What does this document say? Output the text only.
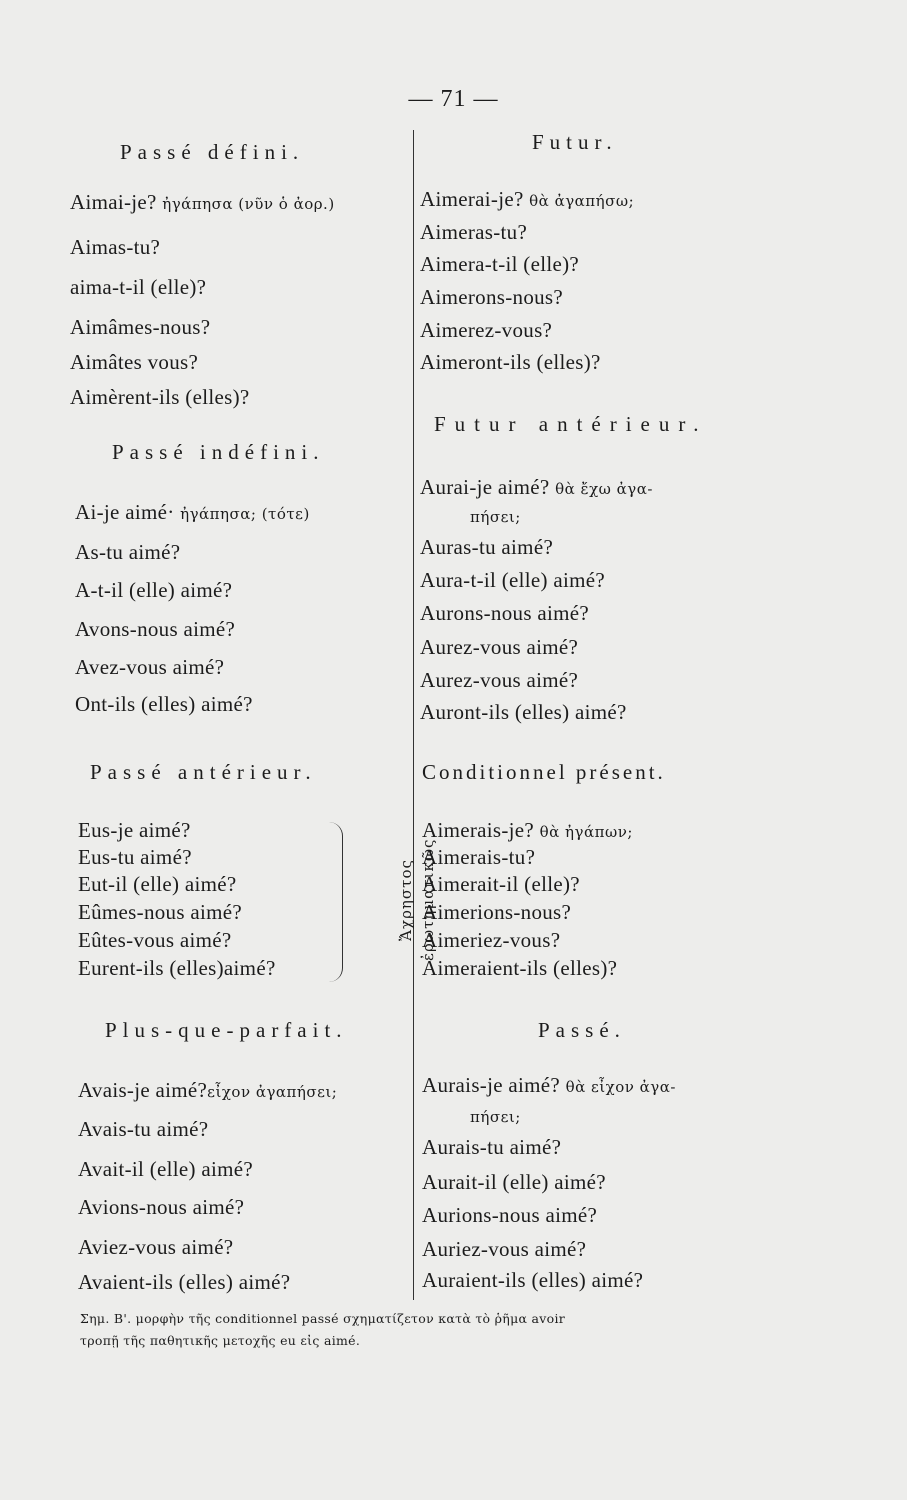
— 71 —
Passé défini.
Aimai-je? ἠγάπησα (νῦν ὁ ἀορ.)
Aimas-tu?
aima-t-il (elle)?
Aimâmes-nous?
Aimâtes vous?
Aimèrent-ils (elles)?
Passé indéfini.
Ai-je aimé· ἠγάπησα; (τότε)
As-tu aimé?
A-t-il (elle) aimé?
Avons-nous aimé?
Avez-vous aimé?
Ont-ils (elles) aimé?
Passé antérieur.
Eus-je aimé?
Eus-tu aimé?
Eut-il (elle) aimé?
Eûmes-nous aimé?
Eûtes-vous aimé?
Eurent-ils (elles)aimé?
Ἄχρηστος ἐρωτηματικῶς
Plus-que-parfait.
Avais-je aimé?εἶχον ἀγαπήσει;
Avais-tu aimé?
Avait-il (elle) aimé?
Avions-nous aimé?
Aviez-vous aimé?
Avaient-ils (elles) aimé?
Futur.
Aimerai-je? θὰ ἀγαπήσω;
Aimeras-tu?
Aimera-t-il (elle)?
Aimerons-nous?
Aimerez-vous?
Aimeront-ils (elles)?
Futur antérieur.
Aurai-je aimé? θὰ ἔχω ἀγα-
πήσει;
Auras-tu aimé?
Aura-t-il (elle) aimé?
Aurons-nous aimé?
Aurez-vous aimé?
Aurez-vous aimé?
Auront-ils (elles) aimé?
Conditionnel présent.
Aimerais-je? θὰ ἠγάπων;
Aimerais-tu?
Aimerait-il (elle)?
Aimerions-nous?
Aimeriez-vous?
Aimeraient-ils (elles)?
Passé.
Aurais-je aimé? θὰ εἶχον ἀγα-
πήσει;
Aurais-tu aimé?
Aurait-il (elle) aimé?
Aurions-nous aimé?
Auriez-vous aimé?
Auraient-ils (elles) aimé?
Σημ. Β'. μορφὴν τῆς conditionnel passé σχηματίζετον κατὰ τὸ ῥῆμα avoir
τροπῇ τῆς παθητικῆς μετοχῆς eu εἰς aimé.
